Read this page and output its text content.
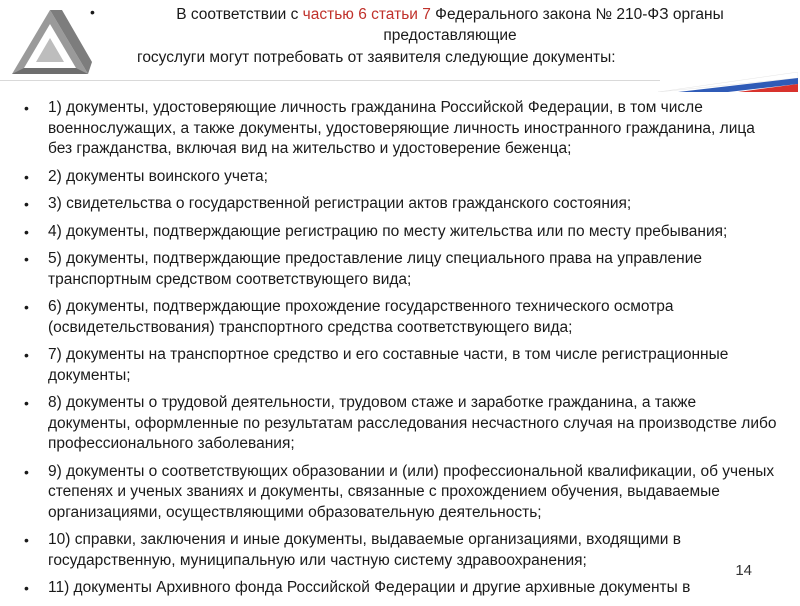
•	В соответствии с частью 6 статьи 7 Федерального закона № 210-ФЗ органы
предоставляющие
госуслуги могут потребовать от заявителя следующие документы:
• 1) документы, удостоверяющие личность гражданина Российской Федерации, в том числе военнослужащих, а также документы, удостоверяющие личность иностранного гражданина, лица без гражданства, включая вид на жительство и удостоверение беженца;
• 2) документы воинского учета;
• 3) свидетельства о государственной регистрации актов гражданского состояния;
• 4) документы, подтверждающие регистрацию по месту жительства или по месту пребывания;
• 5) документы, подтверждающие предоставление лицу специального права на управление транспортным средством соответствующего вида;
• 6) документы, подтверждающие прохождение государственного технического осмотра (освидетельствования) транспортного средства соответствующего вида;
• 7) документы на транспортное средство и его составные части, в том числе регистрационные документы;
• 8) документы о трудовой деятельности, трудовом стаже и заработке гражданина, а также документы, оформленные по результатам расследования несчастного случая на производстве либо профессионального заболевания;
• 9) документы о соответствующих образовании и (или) профессиональной квалификации, об ученых степенях и ученых званиях и документы, связанные с прохождением обучения, выдаваемые организациями, осуществляющими образовательную деятельность;
• 10) справки, заключения и иные документы, выдаваемые организациями, входящими в государственную, муниципальную или частную систему здравоохранения;
• 11) документы Архивного фонда Российской Федерации и другие архивные документы в
14
